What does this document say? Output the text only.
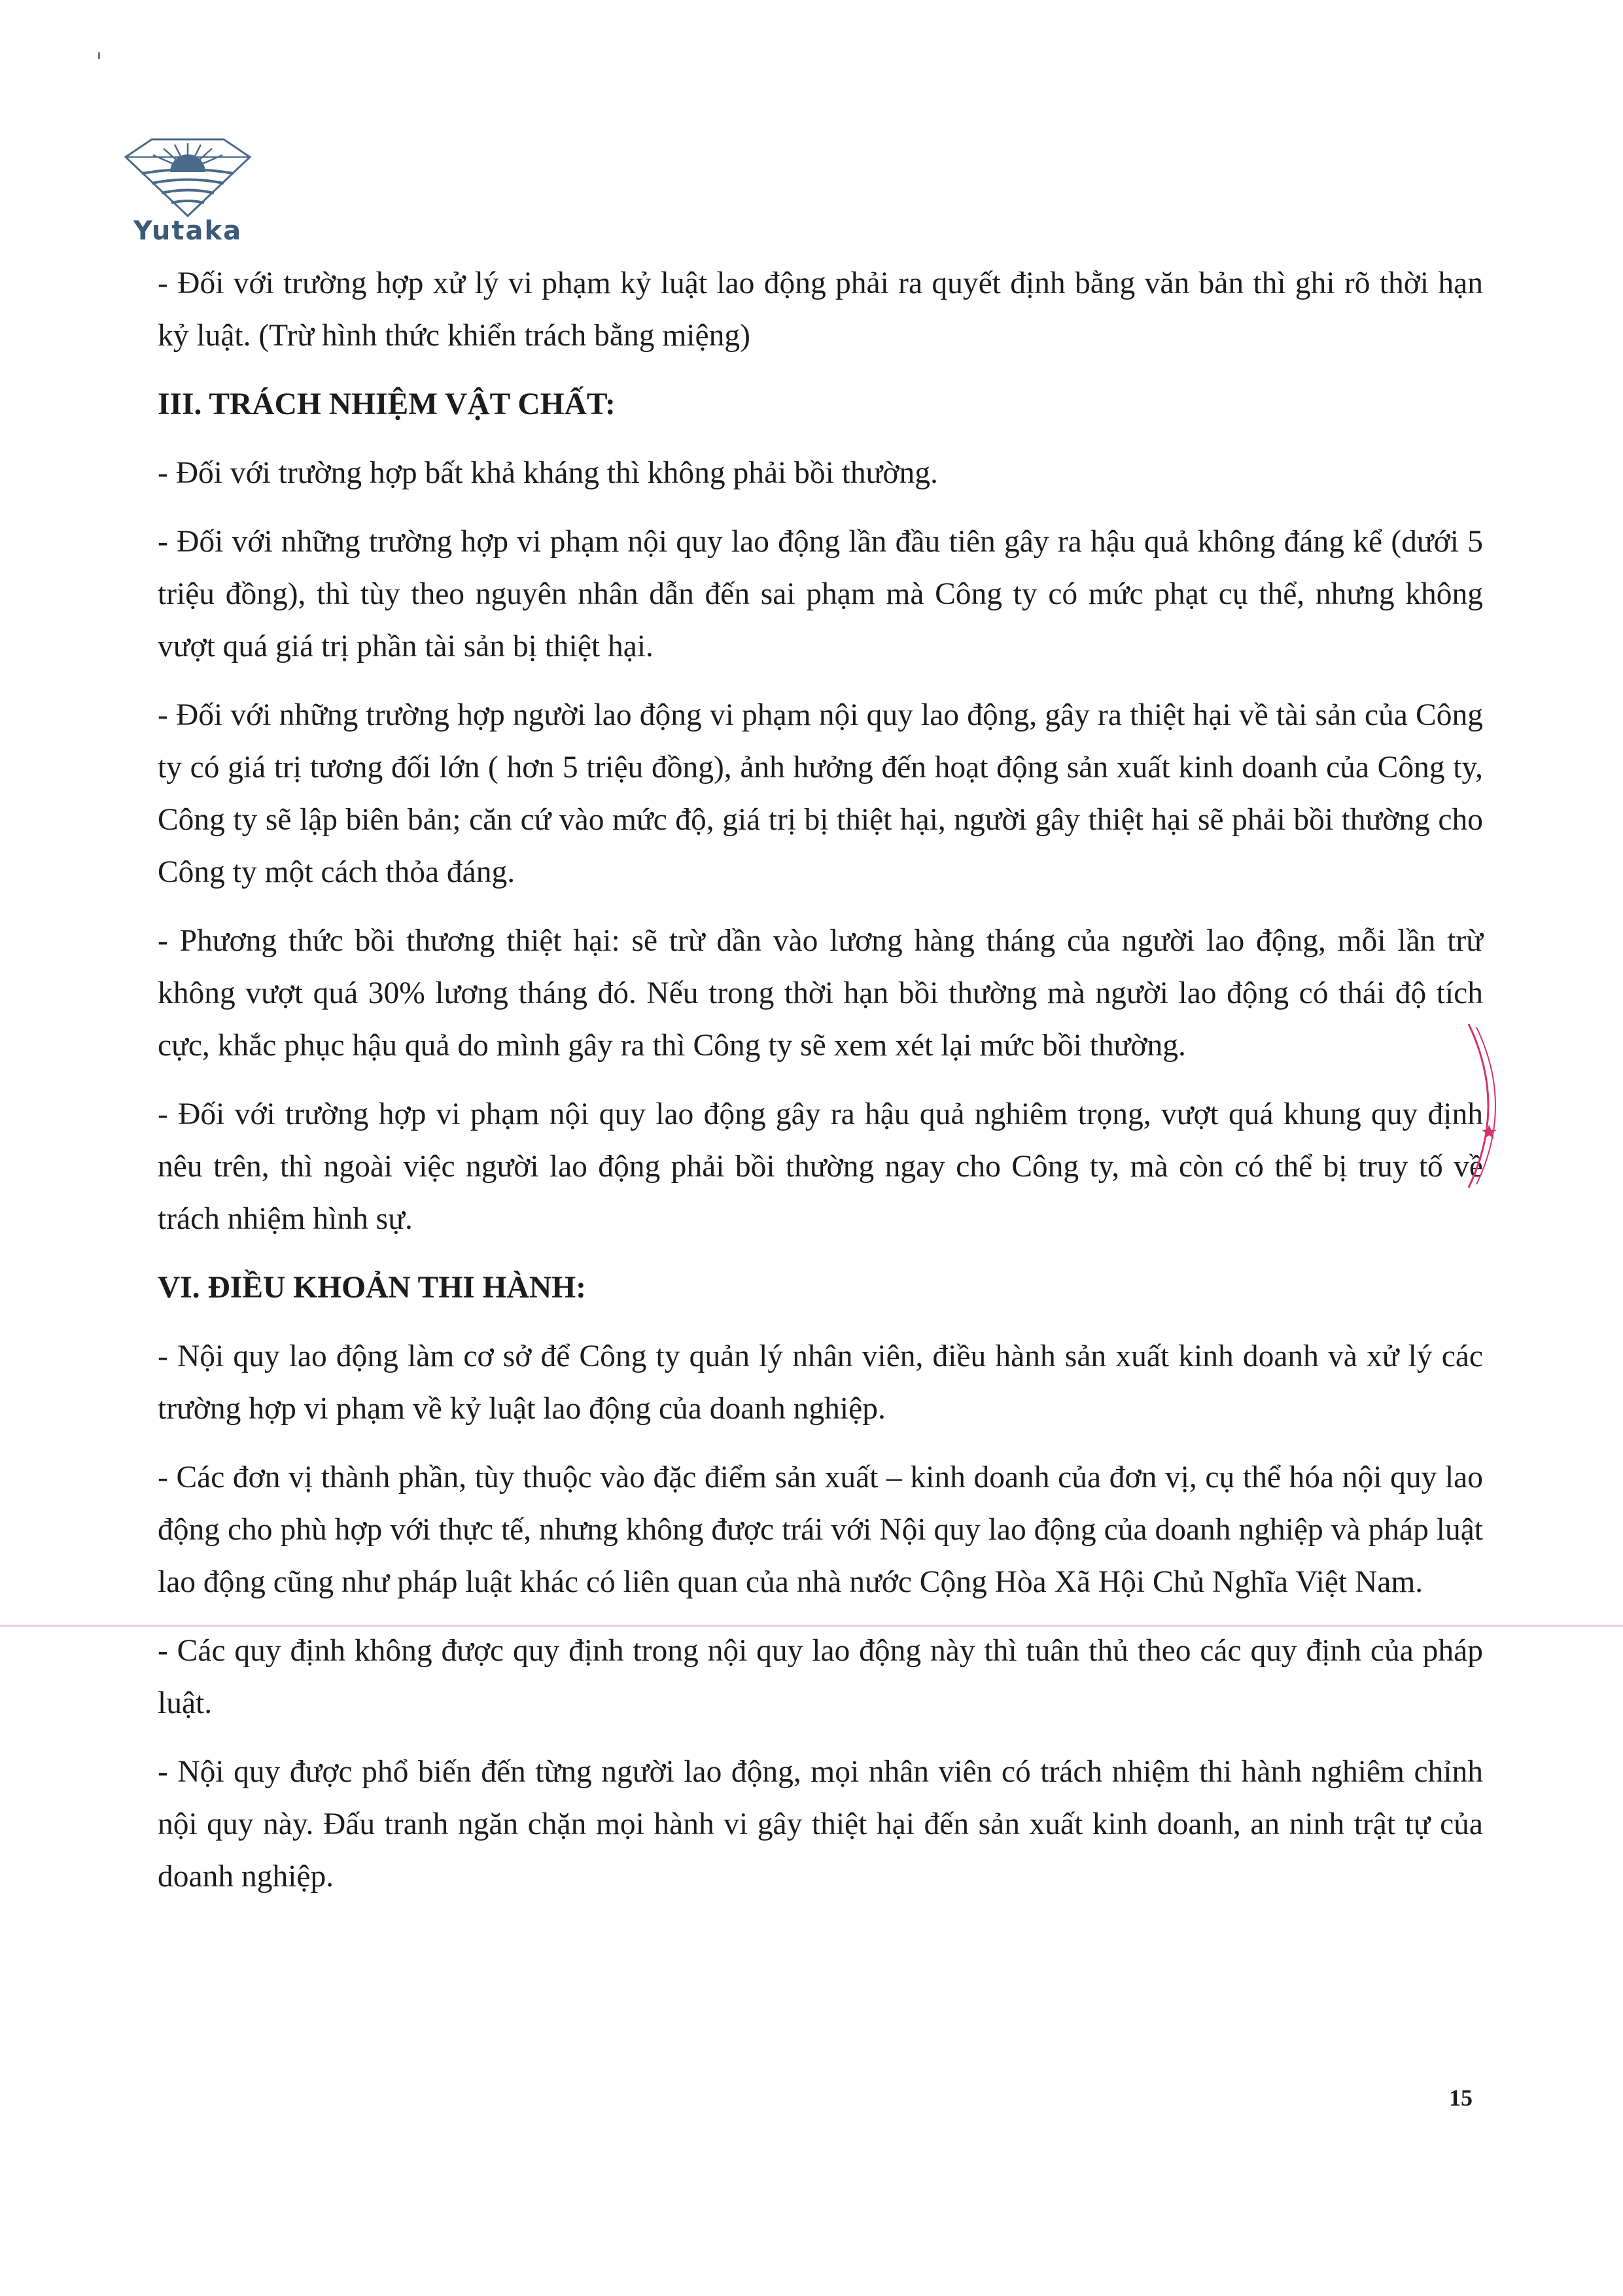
Yutaka

- Đối với trường hợp xử lý vi phạm kỷ luật lao động phải ra quyết định bằng văn bản thì ghi rõ thời hạn kỷ luật. (Trừ hình thức khiển trách bằng miệng)

III. TRÁCH NHIỆM VẬT CHẤT:

- Đối với trường hợp bất khả kháng thì không phải bồi thường.

- Đối với những trường hợp vi phạm nội quy lao động lần đầu tiên gây ra hậu quả không đáng kể (dưới 5 triệu đồng), thì tùy theo nguyên nhân dẫn đến sai phạm mà Công ty có mức phạt cụ thể, nhưng không vượt quá giá trị phần tài sản bị thiệt hại.

- Đối với những trường hợp người lao động vi phạm nội quy lao động, gây ra thiệt hại về tài sản của Công ty có giá trị tương đối lớn ( hơn 5 triệu đồng), ảnh hưởng đến hoạt động sản xuất kinh doanh của Công ty, Công ty sẽ lập biên bản; căn cứ vào mức độ, giá trị bị thiệt hại, người gây thiệt hại sẽ phải bồi thường cho Công ty một cách thỏa đáng.

- Phương thức bồi thương thiệt hại: sẽ trừ dần vào lương hàng tháng của người lao động, mỗi lần trừ không vượt quá 30% lương tháng đó. Nếu trong thời hạn bồi thường mà người lao động có thái độ tích cực, khắc phục hậu quả do mình gây ra thì Công ty sẽ xem xét lại mức bồi thường.

- Đối với trường hợp vi phạm nội quy lao động gây ra hậu quả nghiêm trọng, vượt quá khung quy định nêu trên, thì ngoài việc người lao động phải bồi thường ngay cho Công ty, mà còn có thể bị truy tố về trách nhiệm hình sự.

VI. ĐIỀU KHOẢN THI HÀNH:

- Nội quy lao động làm cơ sở để Công ty quản lý nhân viên, điều hành sản xuất kinh doanh và xử lý các trường hợp vi phạm về kỷ luật lao động của doanh nghiệp.

- Các đơn vị thành phần, tùy thuộc vào đặc điểm sản xuất – kinh doanh của đơn vị, cụ thể hóa nội quy lao động cho phù hợp với thực tế, nhưng không được trái với Nội quy lao động của doanh nghiệp và pháp luật lao động cũng như pháp luật khác có liên quan của nhà nước Cộng Hòa Xã Hội Chủ Nghĩa Việt Nam.

- Các quy định không được quy định trong nội quy lao động này thì tuân thủ theo các quy định của pháp luật.

- Nội quy được phổ biến đến từng người lao động, mọi nhân viên có trách nhiệm thi hành nghiêm chỉnh nội quy này. Đấu tranh ngăn chặn mọi hành vi gây thiệt hại đến sản xuất kinh doanh, an ninh trật tự của doanh nghiệp.

★
15
